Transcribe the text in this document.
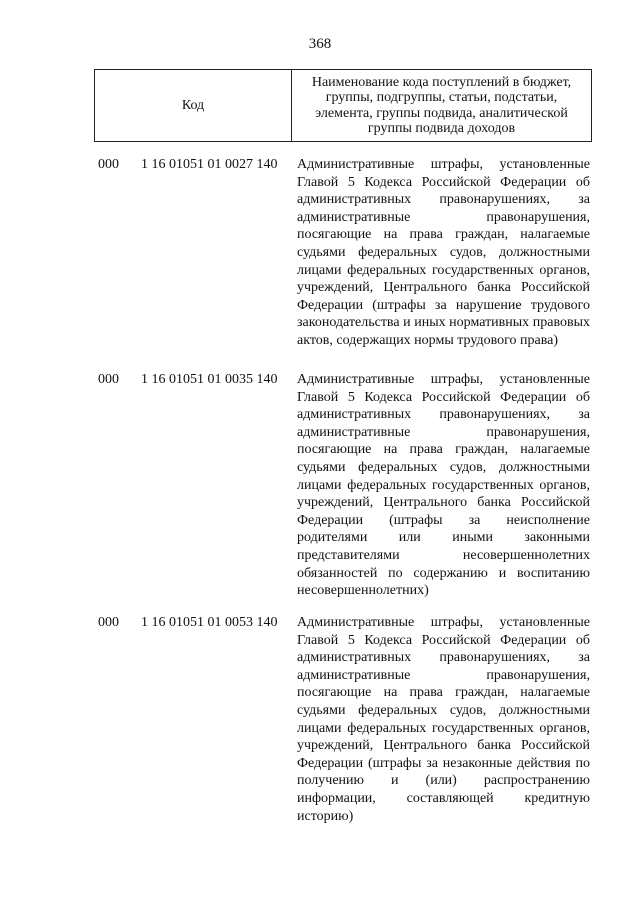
368
Код
Наименование кода поступлений в бюджет, группы, подгруппы, статьи, подстатьи, элемента, группы подвида, аналитической группы подвида доходов
000 1 16 01051 01 0027 140 Административные штрафы, установленные Главой 5 Кодекса Российской Федерации об административных правонарушениях, за административные правонарушения, посягающие на права граждан, налагаемые судьями федеральных судов, должностными лицами федеральных государственных органов, учреждений, Центрального банка Российской Федерации (штрафы за нарушение трудового законодательства и иных нормативных правовых актов, содержащих нормы трудового права)
000 1 16 01051 01 0035 140 Административные штрафы, установленные Главой 5 Кодекса Российской Федерации об административных правонарушениях, за административные правонарушения, посягающие на права граждан, налагаемые судьями федеральных судов, должностными лицами федеральных государственных органов, учреждений, Центрального банка Российской Федерации (штрафы за неисполнение родителями или иными законными представителями несовершеннолетних обязанностей по содержанию и воспитанию несовершеннолетних)
000 1 16 01051 01 0053 140 Административные штрафы, установленные Главой 5 Кодекса Российской Федерации об административных правонарушениях, за административные правонарушения, посягающие на права граждан, налагаемые судьями федеральных судов, должностными лицами федеральных государственных органов, учреждений, Центрального банка Российской Федерации (штрафы за незаконные действия по получению и (или) распространению информации, составляющей кредитную историю)
